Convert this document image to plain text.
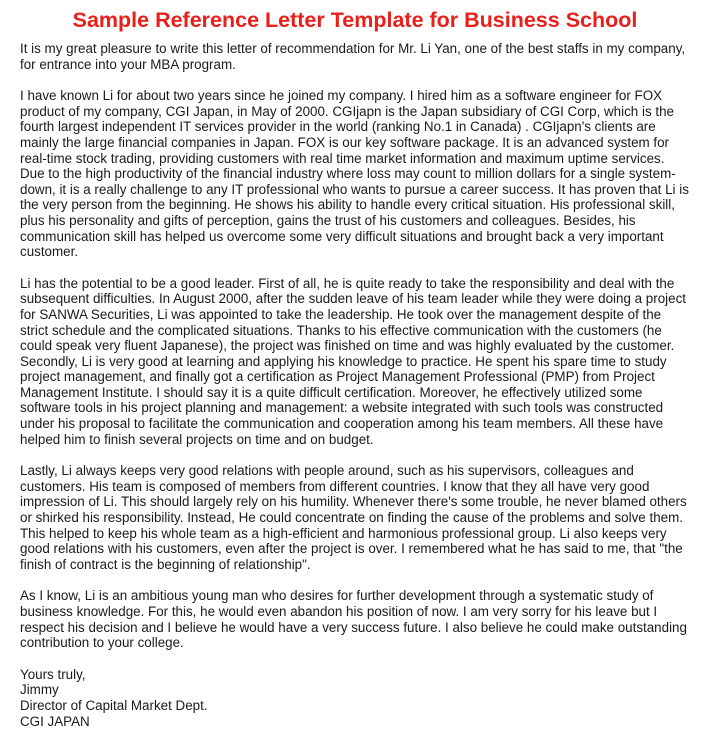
Sample Reference Letter Template for Business School

It is my great pleasure to write this letter of recommendation for Mr. Li Yan, one of the best staffs in my company, for entrance into your MBA program.

I have known Li for about two years since he joined my company. I hired him as a software engineer for FOX product of my company, CGI Japan, in May of 2000. CGIjapn is the Japan subsidiary of CGI Corp, which is the fourth largest independent IT services provider in the world (ranking No.1 in Canada) . CGIjapn's clients are mainly the large financial companies in Japan. FOX is our key software package. It is an advanced system for real-time stock trading, providing customers with real time market information and maximum uptime services. Due to the high productivity of the financial industry where loss may count to million dollars for a single system-down, it is a really challenge to any IT professional who wants to pursue a career success. It has proven that Li is the very person from the beginning. He shows his ability to handle every critical situation. His professional skill, plus his personality and gifts of perception, gains the trust of his customers and colleagues. Besides, his communication skill has helped us overcome some very difficult situations and brought back a very important customer.

Li has the potential to be a good leader. First of all, he is quite ready to take the responsibility and deal with the subsequent difficulties. In August 2000, after the sudden leave of his team leader while they were doing a project for SANWA Securities, Li was appointed to take the leadership. He took over the management despite of the strict schedule and the complicated situations. Thanks to his effective communication with the customers (he could speak very fluent Japanese), the project was finished on time and was highly evaluated by the customer. Secondly, Li is very good at learning and applying his knowledge to practice. He spent his spare time to study project management, and finally got a certification as Project Management Professional (PMP) from Project Management Institute. I should say it is a quite difficult certification. Moreover, he effectively utilized some software tools in his project planning and management: a website integrated with such tools was constructed under his proposal to facilitate the communication and cooperation among his team members. All these have helped him to finish several projects on time and on budget.

Lastly, Li always keeps very good relations with people around, such as his supervisors, colleagues and customers. His team is composed of members from different countries. I know that they all have very good impression of Li. This should largely rely on his humility. Whenever there's some trouble, he never blamed others or shirked his responsibility. Instead, He could concentrate on finding the cause of the problems and solve them. This helped to keep his whole team as a high-efficient and harmonious professional group. Li also keeps very good relations with his customers, even after the project is over. I remembered what he has said to me, that "the finish of contract is the beginning of relationship".

As I know, Li is an ambitious young man who desires for further development through a systematic study of business knowledge. For this, he would even abandon his position of now. I am very sorry for his leave but I respect his decision and I believe he would have a very success future. I also believe he could make outstanding contribution to your college.

Yours truly,
Jimmy
Director of Capital Market Dept.
CGI JAPAN
